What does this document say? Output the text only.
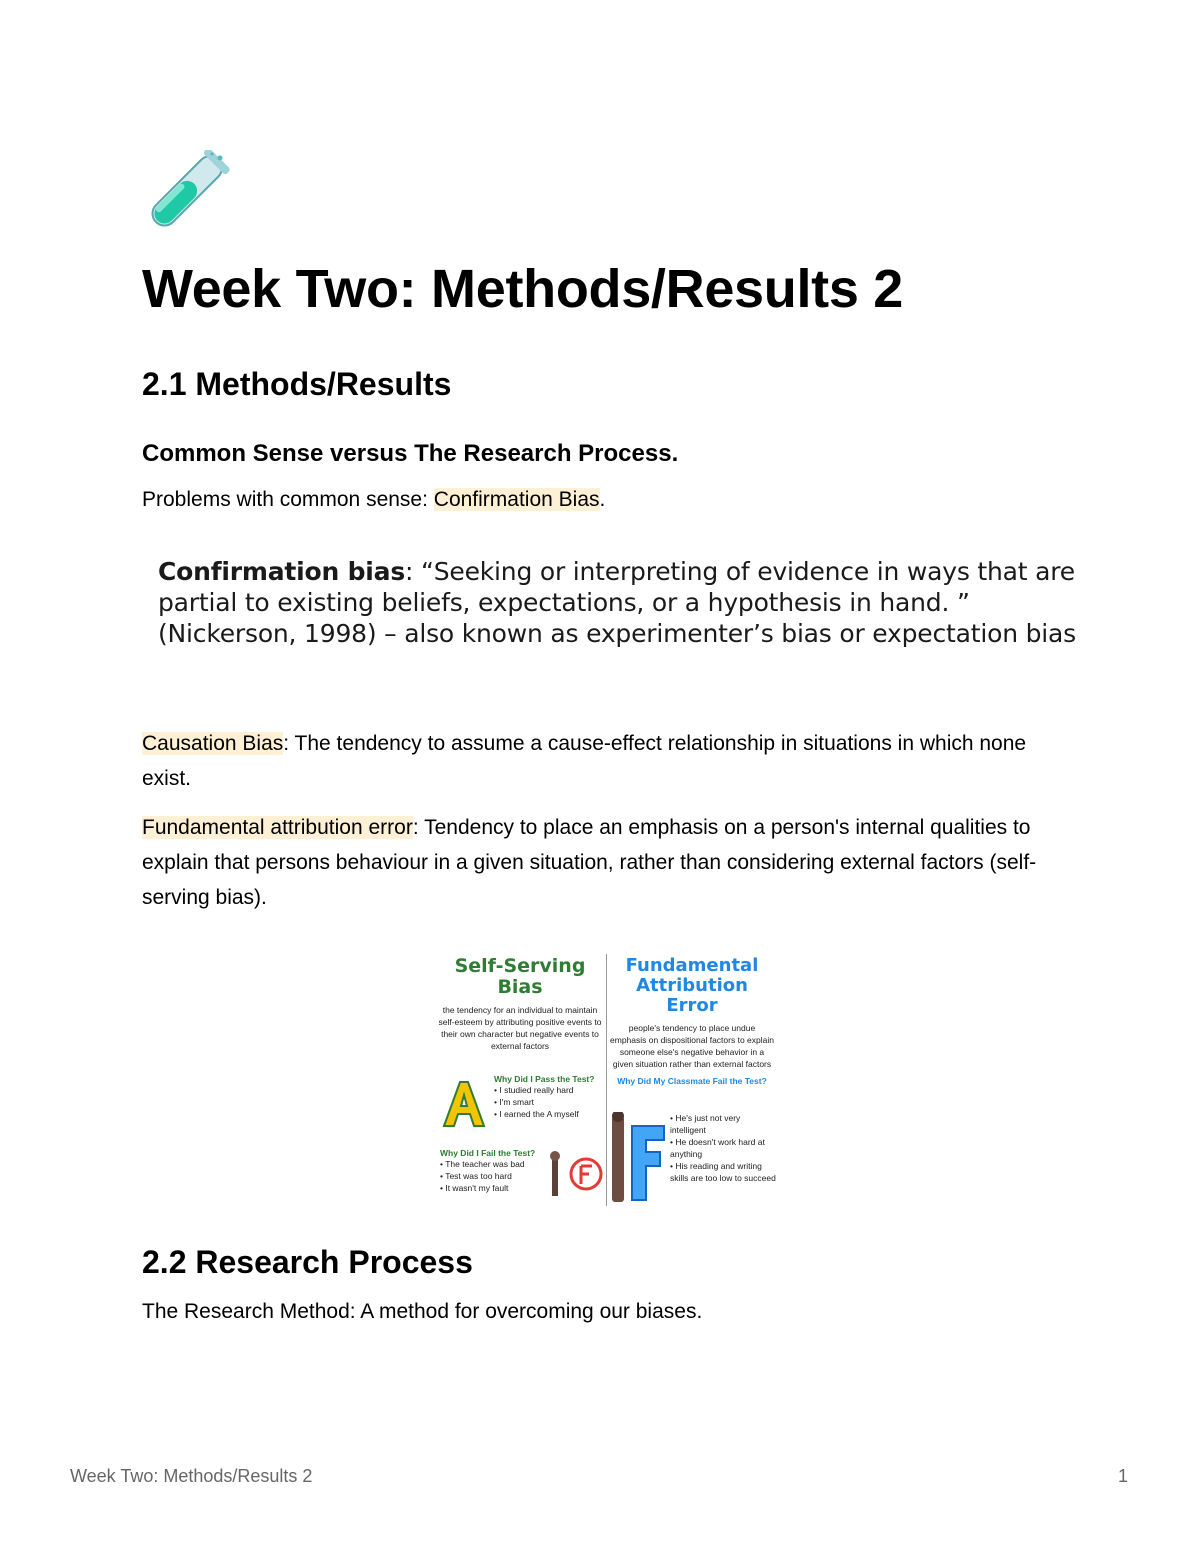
Week Two: Methods/Results 2
2.1 Methods/Results
Common Sense versus The Research Process.

Problems with common sense: Confirmation Bias.

Confirmation bias: “Seeking or interpreting of evidence in ways that are partial to existing beliefs, expectations, or a hypothesis in hand. ” (Nickerson, 1998) – also known as experimenter’s bias or expectation bias

Causation Bias: The tendency to assume a cause-effect relationship in situations in which none exist.

Fundamental attribution error: Tendency to place an emphasis on a person's internal qualities to explain that persons behaviour in a given situation, rather than considering external factors (self-serving bias).

Self-Serving
Bias
the tendency for an individual to maintain self-esteem by attributing positive events to their own character but negative events to external factors
Why Did I Pass the Test?
• I studied really hard
• I'm smart
• I earned the A myself
Why Did I Fail the Test?
• The teacher was bad
• Test was too hard
• It wasn't my fault
Fundamental
Attribution
Error
people's tendency to place undue emphasis on dispositional factors to explain someone else's negative behavior in a given situation rather than external factors
Why Did My Classmate Fail the Test?
• He's just not very intelligent
• He doesn't work hard at anything
• His reading and writing skills are too low to succeed
2.2 Research Process

The Research Method: A method for overcoming our biases.

Week Two: Methods/Results 2	1
